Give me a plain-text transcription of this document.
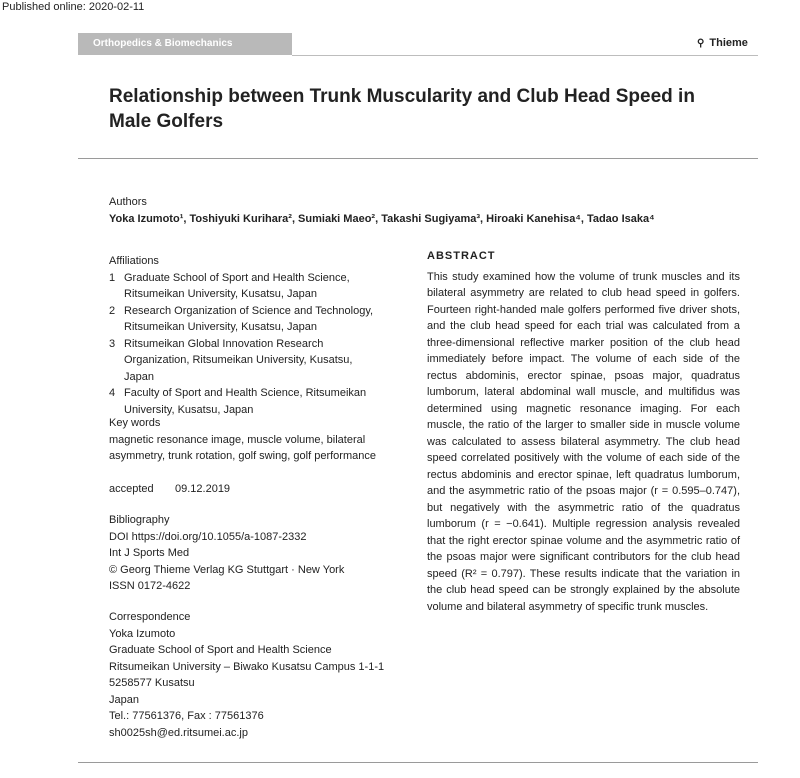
Published online: 2020-02-11
Orthopedics & Biomechanics	⚲ Thieme
Relationship between Trunk Muscularity and Club Head Speed in Male Golfers
Authors
Yoka Izumoto¹, Toshiyuki Kurihara², Sumiaki Maeo², Takashi Sugiyama³, Hiroaki Kanehisa⁴, Tadao Isaka⁴
Affiliations
1 Graduate School of Sport and Health Science, Ritsumeikan University, Kusatsu, Japan
2 Research Organization of Science and Technology, Ritsumeikan University, Kusatsu, Japan
3 Ritsumeikan Global Innovation Research Organization, Ritsumeikan University, Kusatsu, Japan
4 Faculty of Sport and Health Science, Ritsumeikan University, Kusatsu, Japan
Key words
magnetic resonance image, muscle volume, bilateral asymmetry, trunk rotation, golf swing, golf performance
accepted 09.12.2019
Bibliography
DOI https://doi.org/10.1055/a-1087-2332
Int J Sports Med
© Georg Thieme Verlag KG Stuttgart · New York
ISSN 0172-4622
Correspondence
Yoka Izumoto
Graduate School of Sport and Health Science
Ritsumeikan University – Biwako Kusatsu Campus 1-1-1
5258577 Kusatsu
Japan
Tel.: 77561376, Fax : 77561376
sh0025sh@ed.ritsumei.ac.jp
ABSTRACT
This study examined how the volume of trunk muscles and its bilateral asymmetry are related to club head speed in golfers. Fourteen right-handed male golfers performed five driver shots, and the club head speed for each trial was calculated from a three-dimensional reflective marker position of the club head immediately before impact. The volume of each side of the rectus abdominis, erector spinae, psoas major, quadratus lumborum, lateral abdominal wall muscle, and multifidus was determined using magnetic resonance imaging. For each muscle, the ratio of the larger to smaller side in muscle volume was calculated to assess bilateral asymmetry. The club head speed correlated positively with the volume of each side of the rectus abdominis and erector spinae, left quadratus lumborum, and the asymmetric ratio of the psoas major (r = 0.595–0.747), but negatively with the asymmetric ratio of the quadratus lumborum (r = −0.641). Multiple regression analysis revealed that the right erector spinae volume and the asymmetric ratio of the psoas major were significant contributors for the club head speed (R² = 0.797). These results indicate that the variation in the club head speed can be strongly explained by the absolute volume and bilateral asymmetry of specific trunk muscles.
